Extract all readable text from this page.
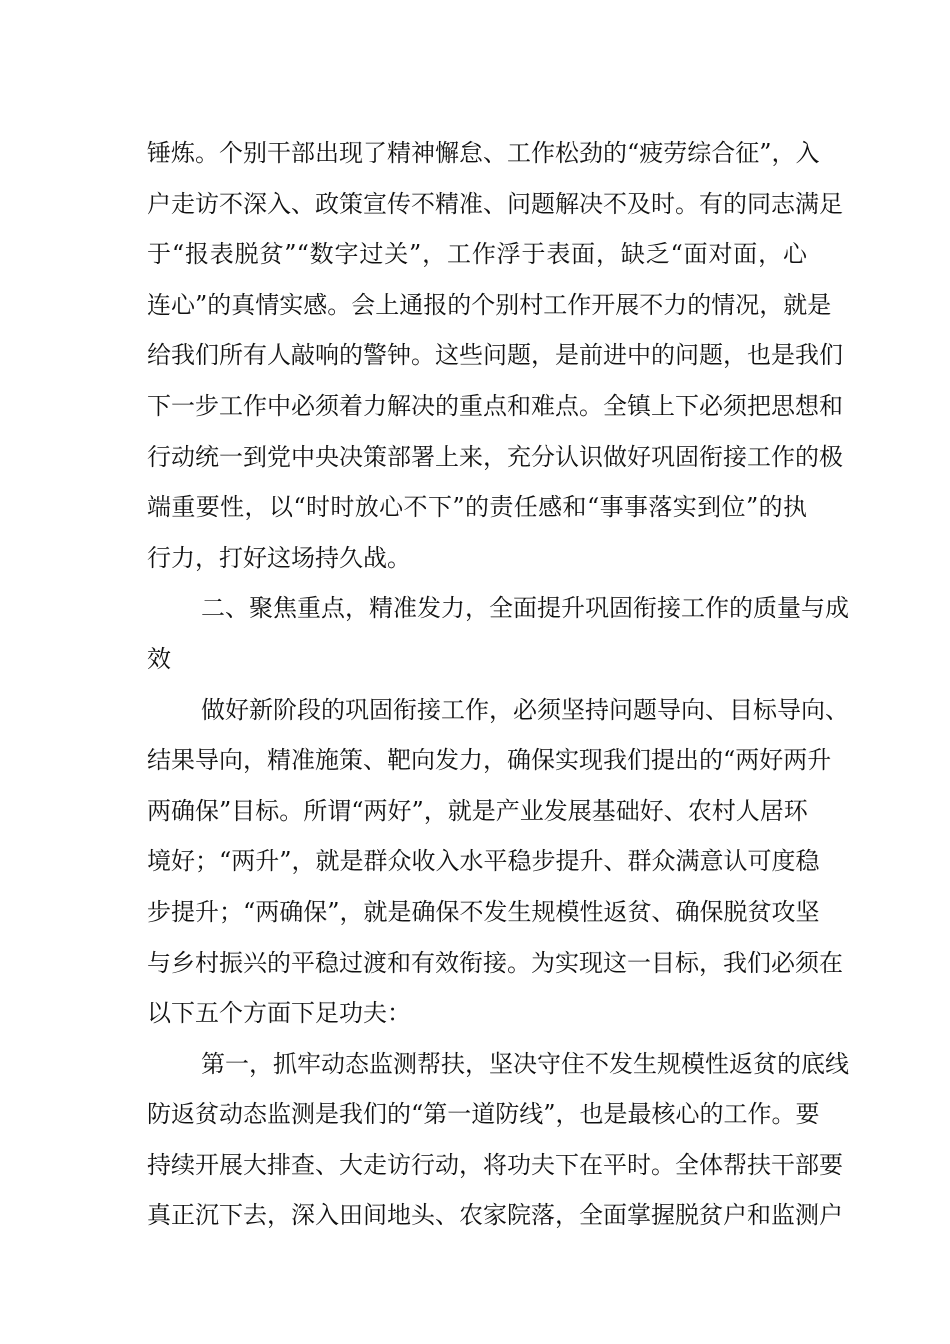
锤炼。个别干部出现了精神懈怠、工作松劲的“疲劳综合征”，入
户走访不深入、政策宣传不精准、问题解决不及时。有的同志满足
于“报表脱贫”“数字过关”，工作浮于表面，缺乏“面对面，心
连心”的真情实感。会上通报的个别村工作开展不力的情况，就是
给我们所有人敲响的警钟。这些问题，是前进中的问题，也是我们
下一步工作中必须着力解决的重点和难点。全镇上下必须把思想和
行动统一到党中央决策部署上来，充分认识做好巩固衔接工作的极
端重要性，以“时时放心不下”的责任感和“事事落实到位”的执
行力，打好这场持久战。
二、聚焦重点，精准发力，全面提升巩固衔接工作的质量与成
效
做好新阶段的巩固衔接工作，必须坚持问题导向、目标导向、
结果导向，精准施策、靶向发力，确保实现我们提出的“两好两升
两确保”目标。所谓“两好”，就是产业发展基础好、农村人居环
境好；“两升”，就是群众收入水平稳步提升、群众满意认可度稳
步提升；“两确保”，就是确保不发生规模性返贫、确保脱贫攻坚
与乡村振兴的平稳过渡和有效衔接。为实现这一目标，我们必须在
以下五个方面下足功夫：
第一，抓牢动态监测帮扶，坚决守住不发生规模性返贫的底线
防返贫动态监测是我们的“第一道防线”，也是最核心的工作。要
持续开展大排查、大走访行动，将功夫下在平时。全体帮扶干部要
真正沉下去，深入田间地头、农家院落，全面掌握脱贫户和监测户
